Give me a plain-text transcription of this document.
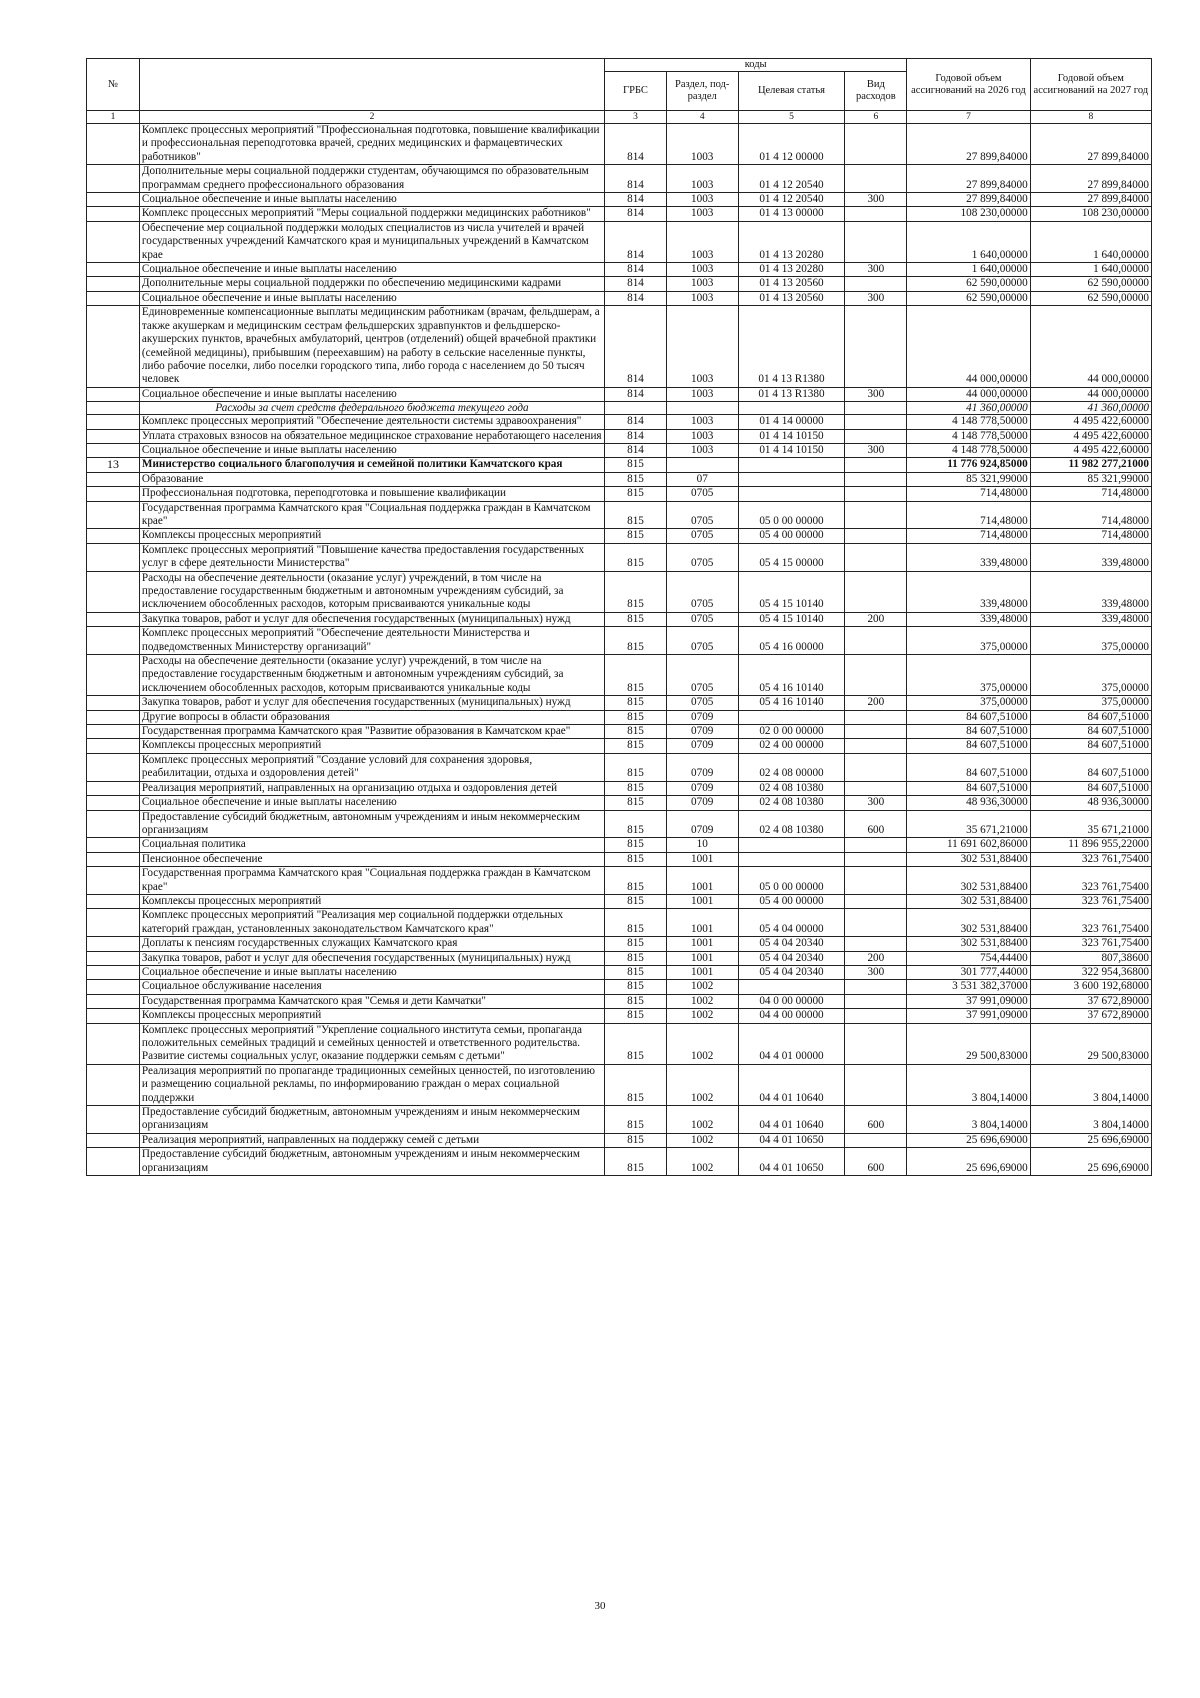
№		коды				Годовой объем ассигнований на 2026 год	Годовой объем ассигнований на 2027 год
		ГРБС	Раздел, под-раздел	Целевая статья	Вид расходов		
1	2	3	4	5	6	7	8
	Комплекс процессных мероприятий "Профессиональная подготовка, повышение квалификации и профессиональная переподготовка врачей, средних медицинских и фармацевтических работников"	814	1003	01 4 12 00000		27 899,84000	27 899,84000
	Дополнительные меры социальной поддержки студентам, обучающимся по образовательным программам среднего профессионального образования	814	1003	01 4 12 20540		27 899,84000	27 899,84000
	Социальное обеспечение и иные выплаты населению	814	1003	01 4 12 20540	300	27 899,84000	27 899,84000
	Комплекс процессных мероприятий "Меры социальной поддержки медицинских работников"	814	1003	01 4 13 00000		108 230,00000	108 230,00000
	Обеспечение мер социальной поддержки молодых специалистов из числа учителей и врачей государственных учреждений Камчатского края и муниципальных учреждений в Камчатском крае	814	1003	01 4 13 20280		1 640,00000	1 640,00000
	Социальное обеспечение и иные выплаты населению	814	1003	01 4 13 20280	300	1 640,00000	1 640,00000
	Дополнительные меры социальной поддержки по обеспечению медицинскими кадрами	814	1003	01 4 13 20560		62 590,00000	62 590,00000
	Социальное обеспечение и иные выплаты населению	814	1003	01 4 13 20560	300	62 590,00000	62 590,00000
	Единовременные компенсационные выплаты медицинским работникам (врачам, фельдшерам, а также акушеркам и медицинским сестрам фельдшерских здравпунктов и фельдшерско-акушерских пунктов, врачебных амбулаторий, центров (отделений) общей врачебной практики (семейной медицины), прибывшим (переехавшим) на работу в сельские населенные пункты, либо рабочие поселки, либо поселки городского типа, либо города с населением до 50 тысяч человек	814	1003	01 4 13 R1380		44 000,00000	44 000,00000
	Социальное обеспечение и иные выплаты населению	814	1003	01 4 13 R1380	300	44 000,00000	44 000,00000
	Расходы за счет средств федерального бюджета текущего года					41 360,00000	41 360,00000
	Комплекс процессных мероприятий "Обеспечение деятельности системы здравоохранения"	814	1003	01 4 14 00000		4 148 778,50000	4 495 422,60000
	Уплата страховых взносов на обязательное медицинское страхование неработающего населения	814	1003	01 4 14 10150		4 148 778,50000	4 495 422,60000
	Социальное обеспечение и иные выплаты населению	814	1003	01 4 14 10150	300	4 148 778,50000	4 495 422,60000
13	Министерство социального благополучия и семейной политики Камчатского края	815				11 776 924,85000	11 982 277,21000
	Образование	815	07			85 321,99000	85 321,99000
	Профессиональная подготовка, переподготовка и повышение квалификации	815	0705			714,48000	714,48000
	Государственная программа Камчатского края "Социальная поддержка граждан в Камчатском крае"	815	0705	05 0 00 00000		714,48000	714,48000
	Комплексы процессных мероприятий	815	0705	05 4 00 00000		714,48000	714,48000
	Комплекс процессных мероприятий "Повышение качества предоставления государственных услуг в сфере деятельности Министерства"	815	0705	05 4 15 00000		339,48000	339,48000
	Расходы на обеспечение деятельности (оказание услуг) учреждений, в том числе на предоставление государственным бюджетным и автономным учреждениям субсидий, за исключением обособленных расходов, которым присваиваются уникальные коды	815	0705	05 4 15 10140		339,48000	339,48000
	Закупка товаров, работ и услуг для обеспечения государственных (муниципальных) нужд	815	0705	05 4 15 10140	200	339,48000	339,48000
	Комплекс процессных мероприятий "Обеспечение деятельности Министерства и подведомственных Министерству организаций"	815	0705	05 4 16 00000		375,00000	375,00000
	Расходы на обеспечение деятельности (оказание услуг) учреждений, в том числе на предоставление государственным бюджетным и автономным учреждениям субсидий, за исключением обособленных расходов, которым присваиваются уникальные коды	815	0705	05 4 16 10140		375,00000	375,00000
	Закупка товаров, работ и услуг для обеспечения государственных (муниципальных) нужд	815	0705	05 4 16 10140	200	375,00000	375,00000
	Другие вопросы в области образования	815	0709			84 607,51000	84 607,51000
	Государственная программа Камчатского края "Развитие образования в Камчатском крае"	815	0709	02 0 00 00000		84 607,51000	84 607,51000
	Комплексы процессных мероприятий	815	0709	02 4 00 00000		84 607,51000	84 607,51000
	Комплекс процессных мероприятий "Создание условий для сохранения здоровья, реабилитации, отдыха и оздоровления детей"	815	0709	02 4 08 00000		84 607,51000	84 607,51000
	Реализация мероприятий, направленных на организацию отдыха и оздоровления детей	815	0709	02 4 08 10380		84 607,51000	84 607,51000
	Социальное обеспечение и иные выплаты населению	815	0709	02 4 08 10380	300	48 936,30000	48 936,30000
	Предоставление субсидий бюджетным, автономным учреждениям и иным некоммерческим организациям	815	0709	02 4 08 10380	600	35 671,21000	35 671,21000
	Социальная политика	815	10			11 691 602,86000	11 896 955,22000
	Пенсионное обеспечение	815	1001			302 531,88400	323 761,75400
	Государственная программа Камчатского края "Социальная поддержка граждан в Камчатском крае"	815	1001	05 0 00 00000		302 531,88400	323 761,75400
	Комплексы процессных мероприятий	815	1001	05 4 00 00000		302 531,88400	323 761,75400
	Комплекс процессных мероприятий "Реализация мер социальной поддержки отдельных категорий граждан, установленных законодательством Камчатского края"	815	1001	05 4 04 00000		302 531,88400	323 761,75400
	Доплаты к пенсиям государственных служащих Камчатского края	815	1001	05 4 04 20340		302 531,88400	323 761,75400
	Закупка товаров, работ и услуг для обеспечения государственных (муниципальных) нужд	815	1001	05 4 04 20340	200	754,44400	807,38600
	Социальное обеспечение и иные выплаты населению	815	1001	05 4 04 20340	300	301 777,44000	322 954,36800
	Социальное обслуживание населения	815	1002			3 531 382,37000	3 600 192,68000
	Государственная программа Камчатского края "Семья и дети Камчатки"	815	1002	04 0 00 00000		37 991,09000	37 672,89000
	Комплексы процессных мероприятий	815	1002	04 4 00 00000		37 991,09000	37 672,89000
	Комплекс процессных мероприятий "Укрепление социального института семьи, пропаганда положительных семейных традиций и семейных ценностей и ответственного родительства. Развитие системы социальных услуг, оказание поддержки семьям с детьми"	815	1002	04 4 01 00000		29 500,83000	29 500,83000
	Реализация мероприятий по пропаганде традиционных семейных ценностей, по изготовлению и размещению социальной рекламы, по информированию граждан о мерах социальной поддержки	815	1002	04 4 01 10640		3 804,14000	3 804,14000
	Предоставление субсидий бюджетным, автономным учреждениям и иным некоммерческим организациям	815	1002	04 4 01 10640	600	3 804,14000	3 804,14000
	Реализация мероприятий, направленных на поддержку семей с детьми	815	1002	04 4 01 10650		25 696,69000	25 696,69000
	Предоставление субсидий бюджетным, автономным учреждениям и иным некоммерческим организациям	815	1002	04 4 01 10650	600	25 696,69000	25 696,69000
30
